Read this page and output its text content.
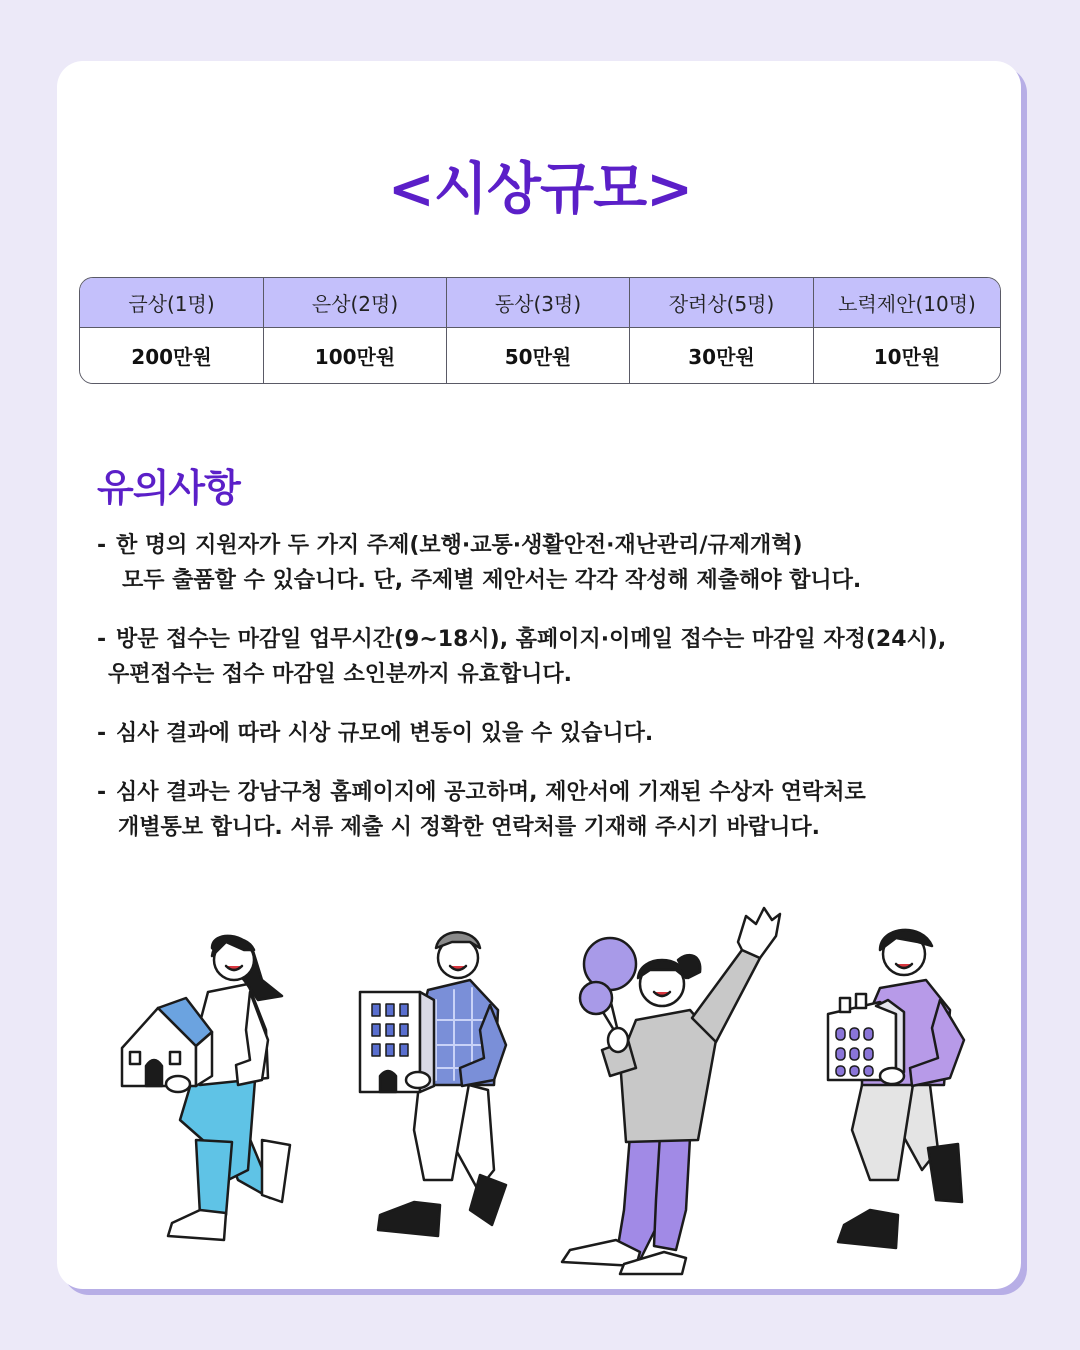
<시상규모>
금상(1명)	은상(2명)	동상(3명)	장려상(5명)	노력제안(10명)
200만원	100만원	50만원	30만원	10만원
유의사항
- 한 명의 지원자가 두 가지 주제(보행·교통·생활안전·재난관리/규제개혁)
모두 출품할 수 있습니다. 단, 주제별 제안서는 각각 작성해 제출해야 합니다.
- 방문 접수는 마감일 업무시간(9~18시), 홈페이지·이메일 접수는 마감일 자정(24시),
우편접수는 접수 마감일 소인분까지 유효합니다.
- 심사 결과에 따라 시상 규모에 변동이 있을 수 있습니다.
- 심사 결과는 강남구청 홈페이지에 공고하며, 제안서에 기재된 수상자 연락처로
개별통보 합니다. 서류 제출 시 정확한 연락처를 기재해 주시기 바랍니다.
